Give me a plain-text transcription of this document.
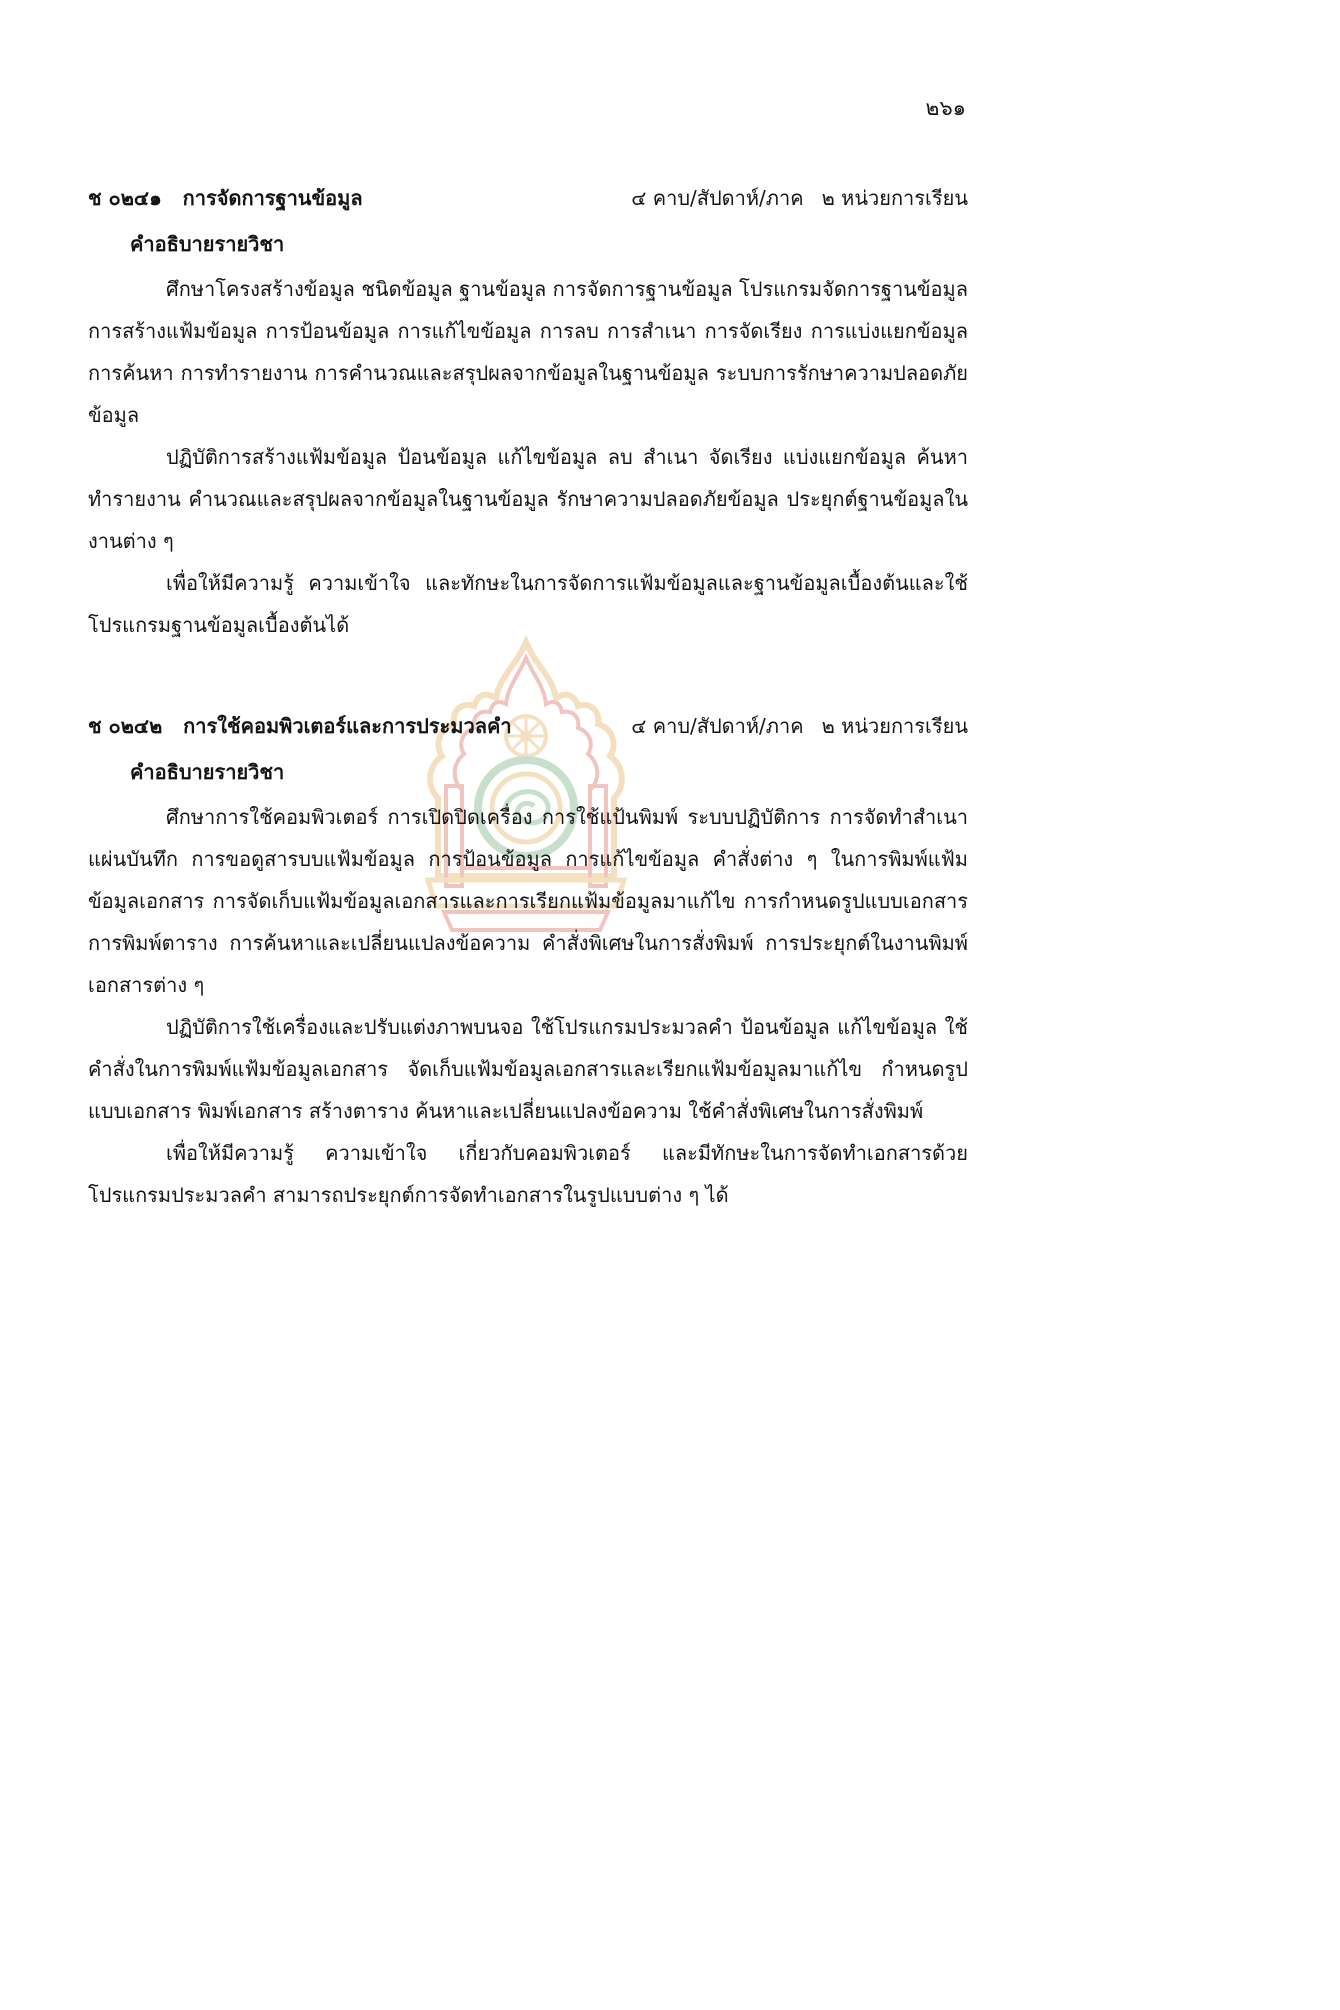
๒๖๑
ช ๐๒๔๑ การจัดการฐานข้อมูล	๔ คาบ/สัปดาห์/ภาค ๒ หน่วยการเรียน
คำอธิบายรายวิชา

ศึกษาโครงสร้างข้อมูล ชนิดข้อมูล ฐานข้อมูล การจัดการฐานข้อมูล โปรแกรมจัดการฐานข้อมูล การสร้างแฟ้มข้อมูล การป้อนข้อมูล การแก้ไขข้อมูล การลบ การสำเนา การจัดเรียง การแบ่งแยกข้อมูล การค้นหา การทำรายงาน การคำนวณและสรุปผลจากข้อมูลในฐานข้อมูล ระบบการรักษาความปลอดภัยข้อมูล

ปฏิบัติการสร้างแฟ้มข้อมูล ป้อนข้อมูล แก้ไขข้อมูล ลบ สำเนา จัดเรียง แบ่งแยกข้อมูล ค้นหา ทำรายงาน คำนวณและสรุปผลจากข้อมูลในฐานข้อมูล รักษาความปลอดภัยข้อมูล ประยุกต์ฐานข้อมูลในงานต่าง ๆ

เพื่อให้มีความรู้ ความเข้าใจ และทักษะในการจัดการแฟ้มข้อมูลและฐานข้อมูลเบื้องต้นและใช้โปรแกรมฐานข้อมูลเบื้องต้นได้

ช ๐๒๔๒ การใช้คอมพิวเตอร์และการประมวลคำ	๔ คาบ/สัปดาห์/ภาค ๒ หน่วยการเรียน
คำอธิบายรายวิชา

ศึกษาการใช้คอมพิวเตอร์ การเปิดปิดเครื่อง การใช้แป้นพิมพ์ ระบบปฏิบัติการ การจัดทำสำเนาแผ่นบันทึก การขอดูสารบบแฟ้มข้อมูล การป้อนข้อมูล การแก้ไขข้อมูล คำสั่งต่าง ๆ ในการพิมพ์แฟ้มข้อมูลเอกสาร การจัดเก็บแฟ้มข้อมูลเอกสารและการเรียกแฟ้มข้อมูลมาแก้ไข การกำหนดรูปแบบเอกสาร การพิมพ์ตาราง การค้นหาและเปลี่ยนแปลงข้อความ คำสั่งพิเศษในการสั่งพิมพ์ การประยุกต์ในงานพิมพ์เอกสารต่าง ๆ

ปฏิบัติการใช้เครื่องและปรับแต่งภาพบนจอ ใช้โปรแกรมประมวลคำ ป้อนข้อมูล แก้ไขข้อมูล ใช้คำสั่งในการพิมพ์แฟ้มข้อมูลเอกสาร จัดเก็บแฟ้มข้อมูลเอกสารและเรียกแฟ้มข้อมูลมาแก้ไข กำหนดรูปแบบเอกสาร พิมพ์เอกสาร สร้างตาราง ค้นหาและเปลี่ยนแปลงข้อความ ใช้คำสั่งพิเศษในการสั่งพิมพ์

เพื่อให้มีความรู้ ความเข้าใจ เกี่ยวกับคอมพิวเตอร์ และมีทักษะในการจัดทำเอกสารด้วยโปรแกรมประมวลคำ สามารถประยุกต์การจัดทำเอกสารในรูปแบบต่าง ๆ ได้
